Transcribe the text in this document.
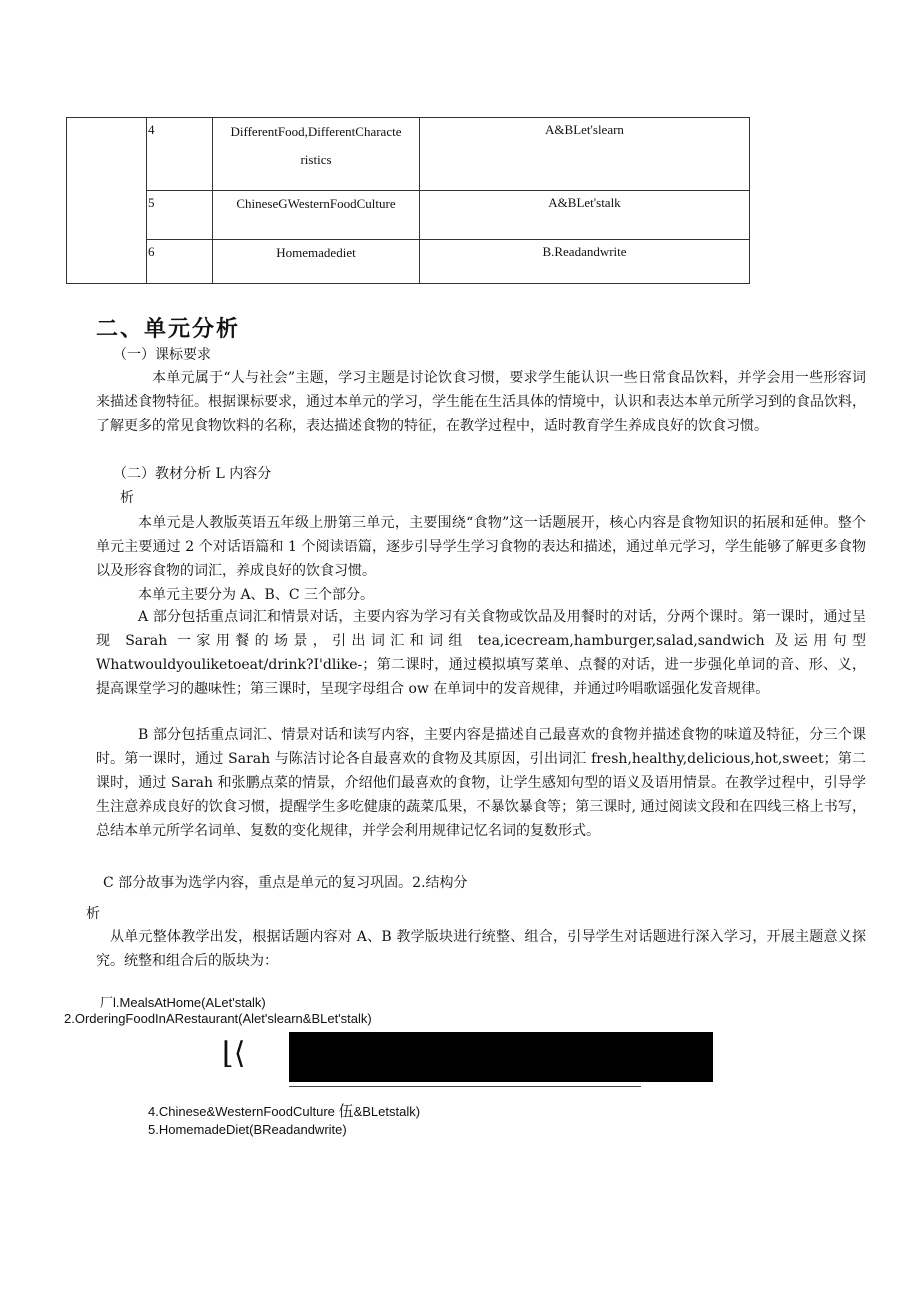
	4	DifferentFood,DifferentCharacte
ristics	A&BLet'slearn
	5	ChineseGWesternFoodCulture	A&BLet'stalk
	6	Homemadediet	B.Readandwrite
二、单元分析
（一）课标要求

本单元属于“人与社会”主题，学习主题是讨论饮食习惯，要求学生能认识一些日常食品饮料，并学会用一些形容词来描述食物特征。根据课标要求，通过本单元的学习，学生能在生活具体的情境中，认识和表达本单元所学习到的食品饮料，了解更多的常见食物饮料的名称，表达描述食物的特征，在教学过程中，适时教育学生养成良好的饮食习惯。

（二）教材分析 L 内容分
析

本单元是人教版英语五年级上册第三单元，主要围绕“食物”这一话题展开，核心内容是食物知识的拓展和延伸。整个单元主要通过 2 个对话语篇和 1 个阅读语篇，逐步引导学生学习食物的表达和描述，通过单元学习，学生能够了解更多食物以及形容食物的词汇，养成良好的饮食习惯。

本单元主要分为 A、B、C 三个部分。

A 部分包括重点词汇和情景对话，主要内容为学习有关食物或饮品及用餐时的对话，分两个课时。第一课时，通过呈现 Sarah 一家用餐的场景，引出词汇和词组 tea,icecream,hamburger,salad,sandwich 及运用句型 Whatwouldyouliketoeat/drink?I'dlike-；第二课时，通过模拟填写菜单、点餐的对话，进一步强化单词的音、形、义，提高课堂学习的趣味性；第三课时，呈现字母组合 ow 在单词中的发音规律，并通过吟唱歌谣强化发音规律。

B 部分包括重点词汇、情景对话和读写内容，主要内容是描述自己最喜欢的食物并描述食物的味道及特征，分三个课时。第一课时，通过 Sarah 与陈洁讨论各自最喜欢的食物及其原因，引出词汇 fresh,healthy,delicious,hot,sweet；第二课时，通过 Sarah 和张鹏点菜的情景，介绍他们最喜欢的食物，让学生感知句型的语义及语用情景。在教学过程中，引导学生注意养成良好的饮食习惯，提醒学生多吃健康的蔬菜瓜果，不暴饮暴食等；第三课时, 通过阅读文段和在四线三格上书写，总结本单元所学名词单、复数的变化规律，并学会利用规律记忆名词的复数形式。

C 部分故事为选学内容，重点是单元的复习巩固。2.结构分
析

从单元整体教学出发，根据话题内容对 A、B 教学版块进行统整、组合，引导学生对话题进行深入学习，开展主题意义探究。统整和组合后的版块为：

厂l.MealsAtHome(ALet'stalk)
2.OrderingFoodInARestaurant(Alet'slearn&BLet'stalk)
⌊⟨
4.Chinese&WesternFoodCulture 伍&BLetstalk)
5.HomemadeDiet(BReadandwrite)
